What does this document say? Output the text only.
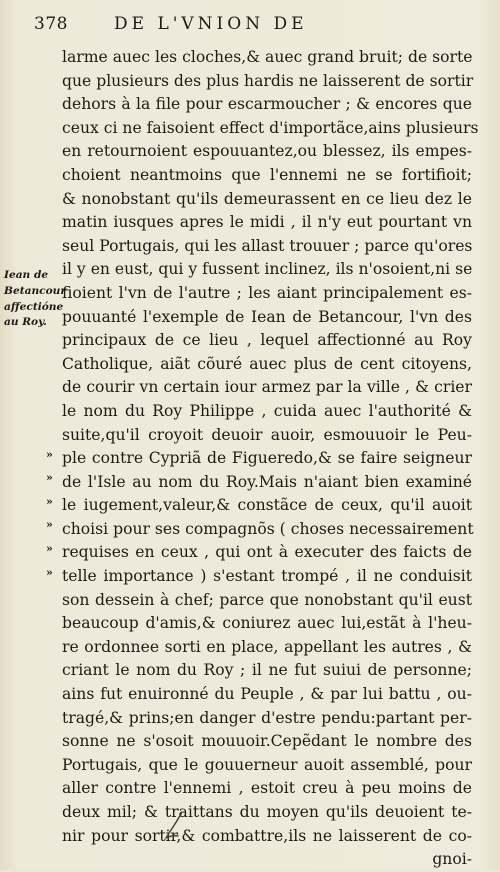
378	DE L'VNION DE
Iean de
Betancour
affectióne
au Roy.
»
»
»
»
»
»
larme auec les cloches,& auec grand bruit; de sorte
que plusieurs des plus hardis ne laisserent de sortir
dehors à la file pour escarmoucher ; & encores que
ceux ci ne faisoient effect d'importãce,ains plusieurs
en retournoient espouuantez,ou blessez, ils empes-
choient neantmoins que l'ennemi ne se fortifioit;
& nonobstant qu'ils demeurassent en ce lieu dez le
matin iusques apres le midi , il n'y eut pourtant vn
seul Portugais, qui les allast trouuer ; parce qu'ores
il y en eust, qui y fussent inclinez, ils n'osoient,ni se
fioient l'vn de l'autre ; les aiant principalement es-
pouuanté l'exemple de Iean de Betancour, l'vn des
principaux de ce lieu , lequel affectionné au Roy
Catholique, aiãt cõuré auec plus de cent citoyens,
de courir vn certain iour armez par la ville , & crier
le nom du Roy Philippe , cuida auec l'authorité &
suite,qu'il croyoit deuoir auoir, esmouuoir le Peu-
ple contre Cypriã de Figueredo,& se faire seigneur
de l'Isle au nom du Roy.Mais n'aiant bien examiné
le iugement,valeur,& constãce de ceux, qu'il auoit
choisi pour ses compagnõs ( choses necessairement
requises en ceux , qui ont à executer des faicts de
telle importance ) s'estant trompé , il ne conduisit
son dessein à chef; parce que nonobstant qu'il eust
beaucoup d'amis,& coniurez auec lui,estãt à l'heu-
re ordonnee sorti en place, appellant les autres , &
criant le nom du Roy ; il ne fut suiui de personne;
ains fut enuironné du Peuple , & par lui battu , ou-
tragé,& prins;en danger d'estre pendu:partant per-
sonne ne s'osoit mouuoir.Cepẽdant le nombre des
Portugais, que le gouuerneur auoit assemblé, pour
aller contre l'ennemi , estoit creu à peu moins de
deux mil; & traittans du moyen qu'ils deuoient te-
nir pour sortir,& combattre,ils ne laisserent de co-
gnoi-
